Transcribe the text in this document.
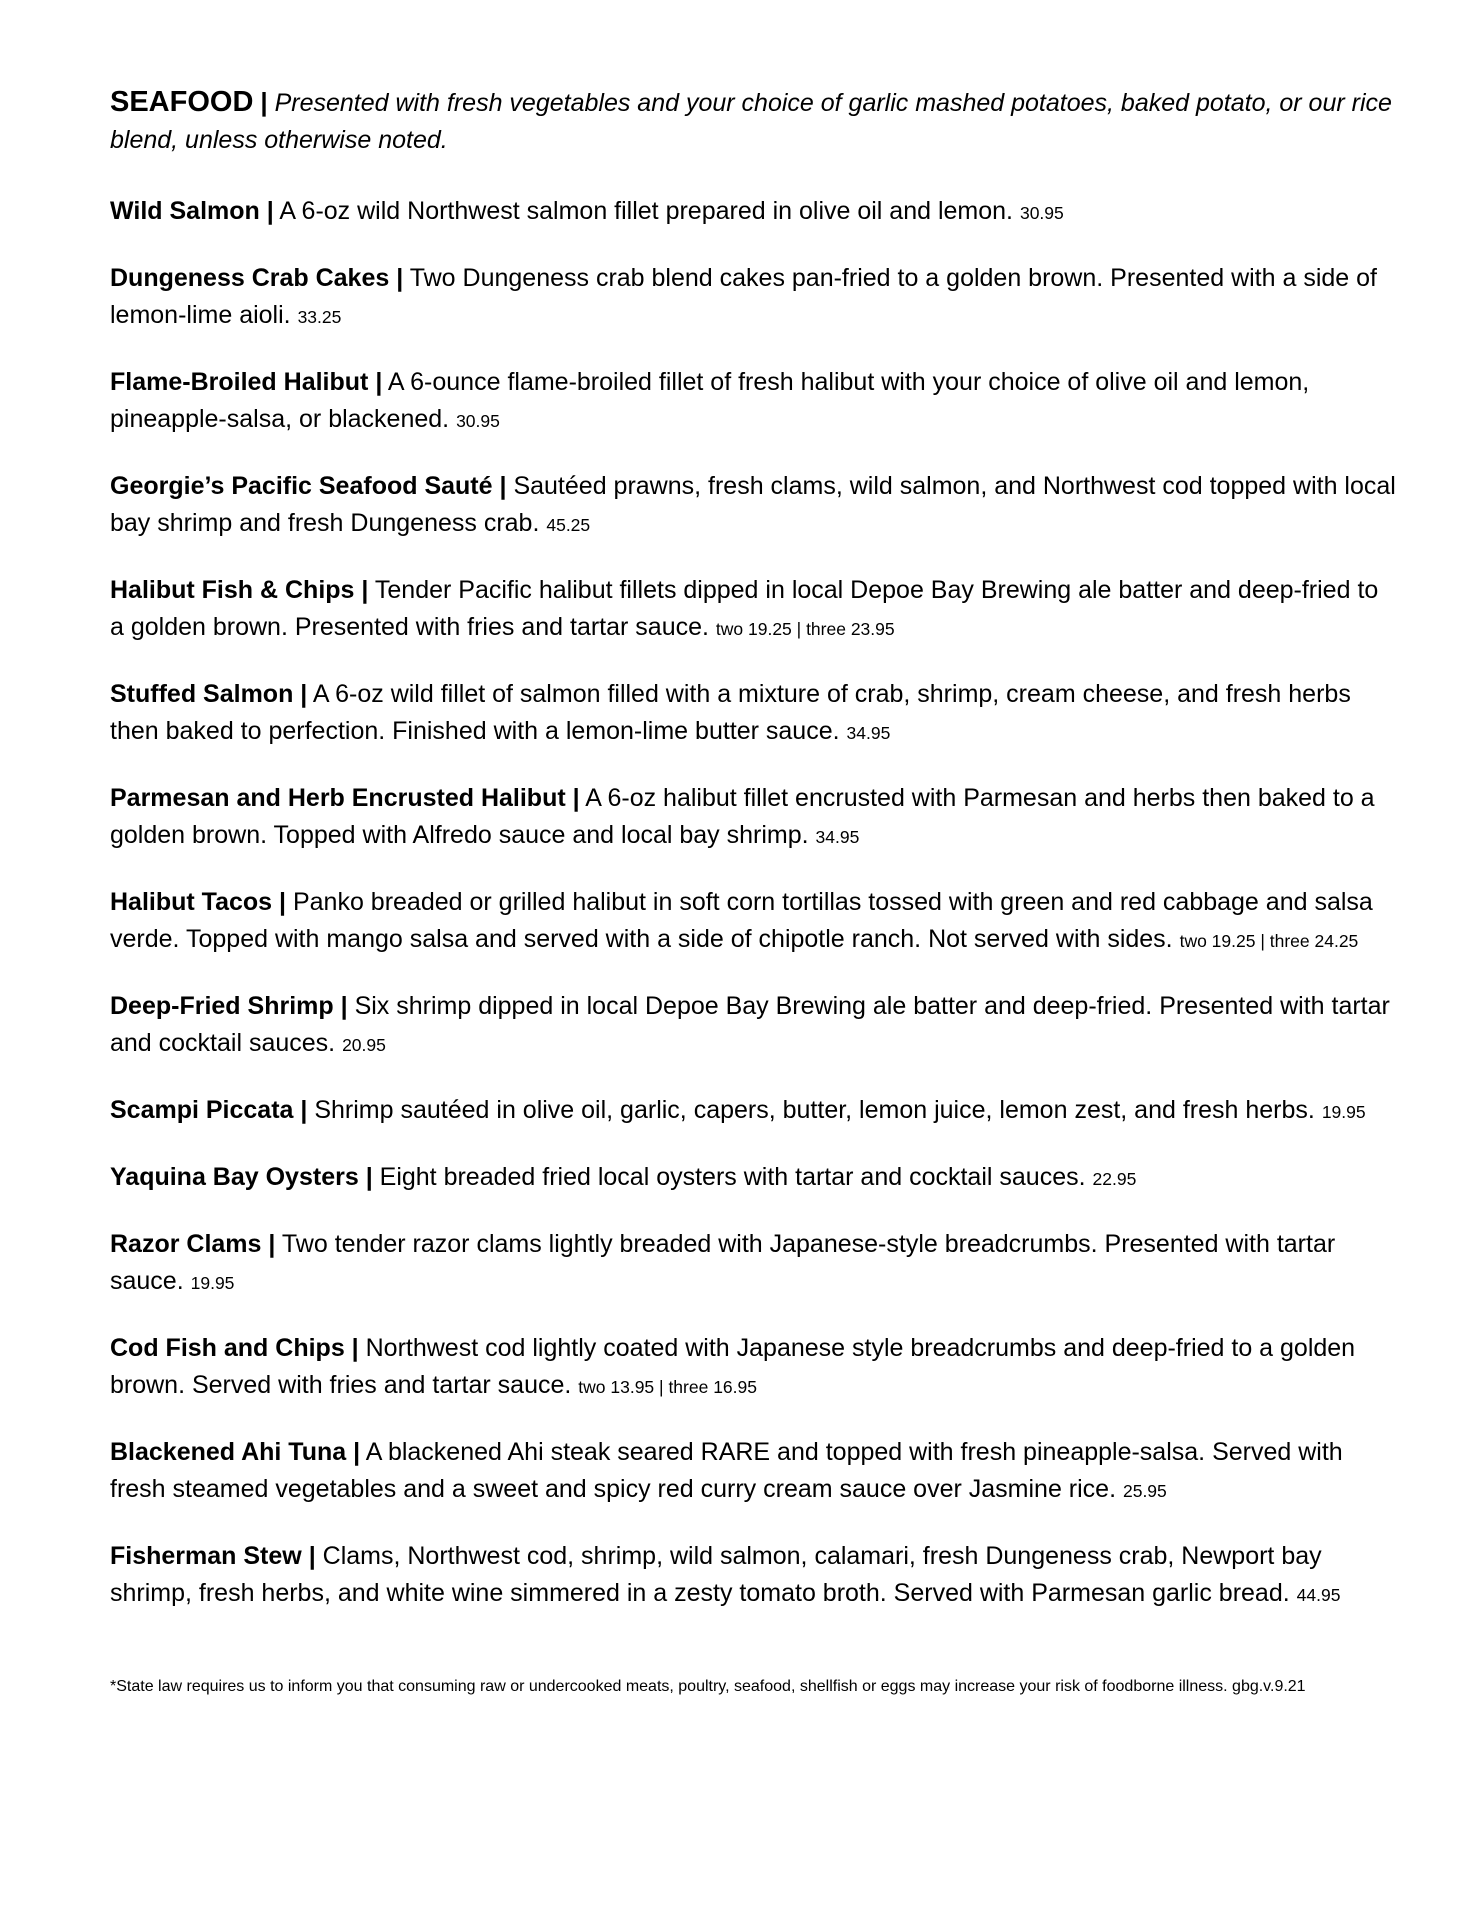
SEAFOOD | Presented with fresh vegetables and your choice of garlic mashed potatoes, baked potato, or our rice blend, unless otherwise noted.

Wild Salmon | A 6-oz wild Northwest salmon fillet prepared in olive oil and lemon. 30.95

Dungeness Crab Cakes | Two Dungeness crab blend cakes pan-fried to a golden brown. Presented with a side of lemon-lime aioli. 33.25

Flame-Broiled Halibut | A 6-ounce flame-broiled fillet of fresh halibut with your choice of olive oil and lemon, pineapple-salsa, or blackened. 30.95

Georgie’s Pacific Seafood Sauté | Sautéed prawns, fresh clams, wild salmon, and Northwest cod topped with local bay shrimp and fresh Dungeness crab. 45.25

Halibut Fish & Chips | Tender Pacific halibut fillets dipped in local Depoe Bay Brewing ale batter and deep-fried to a golden brown. Presented with fries and tartar sauce. two 19.25 | three 23.95

Stuffed Salmon | A 6-oz wild fillet of salmon filled with a mixture of crab, shrimp, cream cheese, and fresh herbs then baked to perfection. Finished with a lemon-lime butter sauce. 34.95

Parmesan and Herb Encrusted Halibut | A 6-oz halibut fillet encrusted with Parmesan and herbs then baked to a golden brown. Topped with Alfredo sauce and local bay shrimp. 34.95

Halibut Tacos | Panko breaded or grilled halibut in soft corn tortillas tossed with green and red cabbage and salsa verde. Topped with mango salsa and served with a side of chipotle ranch. Not served with sides. two 19.25 | three 24.25

Deep-Fried Shrimp | Six shrimp dipped in local Depoe Bay Brewing ale batter and deep-fried. Presented with tartar and cocktail sauces. 20.95

Scampi Piccata | Shrimp sautéed in olive oil, garlic, capers, butter, lemon juice, lemon zest, and fresh herbs. 19.95

Yaquina Bay Oysters | Eight breaded fried local oysters with tartar and cocktail sauces. 22.95

Razor Clams | Two tender razor clams lightly breaded with Japanese-style breadcrumbs. Presented with tartar sauce. 19.95

Cod Fish and Chips | Northwest cod lightly coated with Japanese style breadcrumbs and deep-fried to a golden brown. Served with fries and tartar sauce. two 13.95 | three 16.95

Blackened Ahi Tuna | A blackened Ahi steak seared RARE and topped with fresh pineapple-salsa. Served with fresh steamed vegetables and a sweet and spicy red curry cream sauce over Jasmine rice. 25.95

Fisherman Stew | Clams, Northwest cod, shrimp, wild salmon, calamari, fresh Dungeness crab, Newport bay shrimp, fresh herbs, and white wine simmered in a zesty tomato broth. Served with Parmesan garlic bread. 44.95

*State law requires us to inform you that consuming raw or undercooked meats, poultry, seafood, shellfish or eggs may increase your risk of foodborne illness. gbg.v.9.21
